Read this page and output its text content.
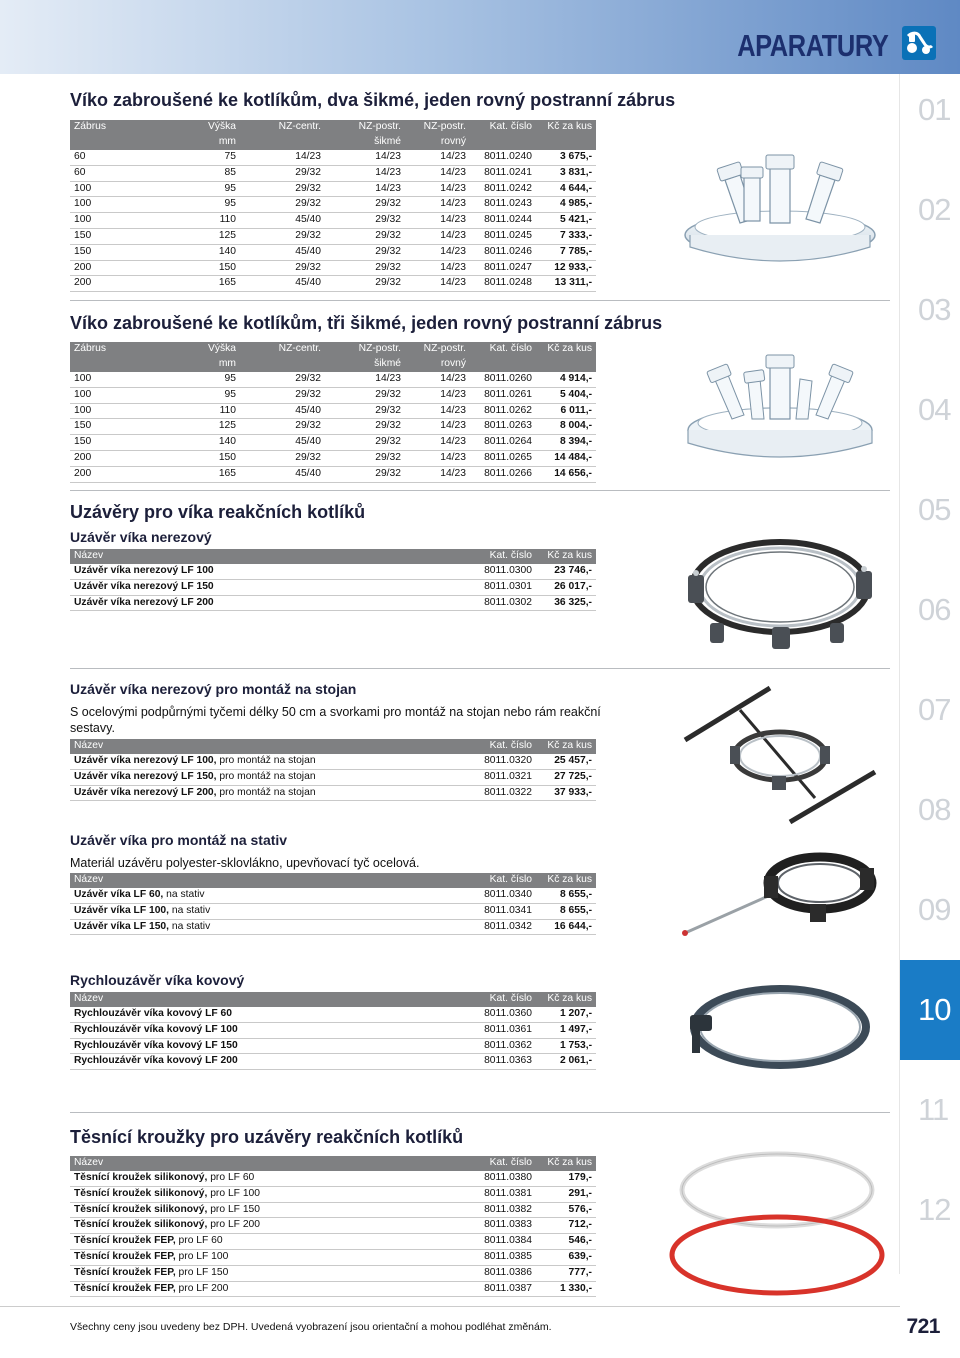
APARATURY
01
02
03
04
05
06
07
08
09
10
11
12
Víko zabroušené ke kotlíkům, dva šikmé, jeden rovný postranní zábrus
Zábrus	Výška	NZ-centr.	NZ-postr.	NZ-postr.	Kat. číslo	Kč za kus
	mm		šikmé	rovný		
60	75	14/23	14/23	14/23	8011.0240	3 675,-
60	85	29/32	14/23	14/23	8011.0241	3 831,-
100	95	29/32	14/23	14/23	8011.0242	4 644,-
100	95	29/32	29/32	14/23	8011.0243	4 985,-
100	110	45/40	29/32	14/23	8011.0244	5 421,-
150	125	29/32	29/32	14/23	8011.0245	7 333,-
150	140	45/40	29/32	14/23	8011.0246	7 785,-
200	150	29/32	29/32	14/23	8011.0247	12 933,-
200	165	45/40	29/32	14/23	8011.0248	13 311,-
Víko zabroušené ke kotlíkům, tři šikmé, jeden rovný postranní zábrus
Zábrus	Výška	NZ-centr.	NZ-postr.	NZ-postr.	Kat. číslo	Kč za kus
	mm		šikmé	rovný		
100	95	29/32	14/23	14/23	8011.0260	4 914,-
100	95	29/32	29/32	14/23	8011.0261	5 404,-
100	110	45/40	29/32	14/23	8011.0262	6 011,-
150	125	29/32	29/32	14/23	8011.0263	8 004,-
150	140	45/40	29/32	14/23	8011.0264	8 394,-
200	150	29/32	29/32	14/23	8011.0265	14 484,-
200	165	45/40	29/32	14/23	8011.0266	14 656,-
Uzávěry pro víka reakčních kotlíků
Uzávěr víka nerezový
Název	Kat. číslo	Kč za kus
Uzávěr víka nerezový LF 100	8011.0300	23 746,-
Uzávěr víka nerezový LF 150	8011.0301	26 017,-
Uzávěr víka nerezový LF 200	8011.0302	36 325,-
Uzávěr víka nerezový pro montáž na stojan
S ocelovými podpůrnými tyčemi délky 50 cm a svorkami pro montáž na stojan nebo rám reakční sestavy.
Název	Kat. číslo	Kč za kus
Uzávěr víka nerezový LF 100, pro montáž na stojan	8011.0320	25 457,-
Uzávěr víka nerezový LF 150, pro montáž na stojan	8011.0321	27 725,-
Uzávěr víka nerezový LF 200, pro montáž na stojan	8011.0322	37 933,-
Uzávěr víka pro montáž na stativ
Materiál uzávěru polyester-sklovlákno, upevňovací tyč ocelová.
Název	Kat. číslo	Kč za kus
Uzávěr víka LF 60, na stativ	8011.0340	8 655,-
Uzávěr víka LF 100, na stativ	8011.0341	8 655,-
Uzávěr víka LF 150, na stativ	8011.0342	16 644,-
Rychlouzávěr víka kovový
Název	Kat. číslo	Kč za kus
Rychlouzávěr víka kovový LF 60	8011.0360	1 207,-
Rychlouzávěr víka kovový LF 100	8011.0361	1 497,-
Rychlouzávěr víka kovový LF 150	8011.0362	1 753,-
Rychlouzávěr víka kovový LF 200	8011.0363	2 061,-
Těsnící kroužky pro uzávěry reakčních kotlíků
Název	Kat. číslo	Kč za kus
Těsnící kroužek silikonový, pro LF 60	8011.0380	179,-
Těsnící kroužek silikonový, pro LF 100	8011.0381	291,-
Těsnící kroužek silikonový, pro LF 150	8011.0382	576,-
Těsnící kroužek silikonový, pro LF 200	8011.0383	712,-
Těsnící kroužek FEP, pro LF 60	8011.0384	546,-
Těsnící kroužek FEP, pro LF 100	8011.0385	639,-
Těsnící kroužek FEP, pro LF 150	8011.0386	777,-
Těsnící kroužek FEP, pro LF 200	8011.0387	1 330,-
Všechny ceny jsou uvedeny bez DPH. Uvedená vyobrazení jsou orientační a mohou podléhat změnám.	721
